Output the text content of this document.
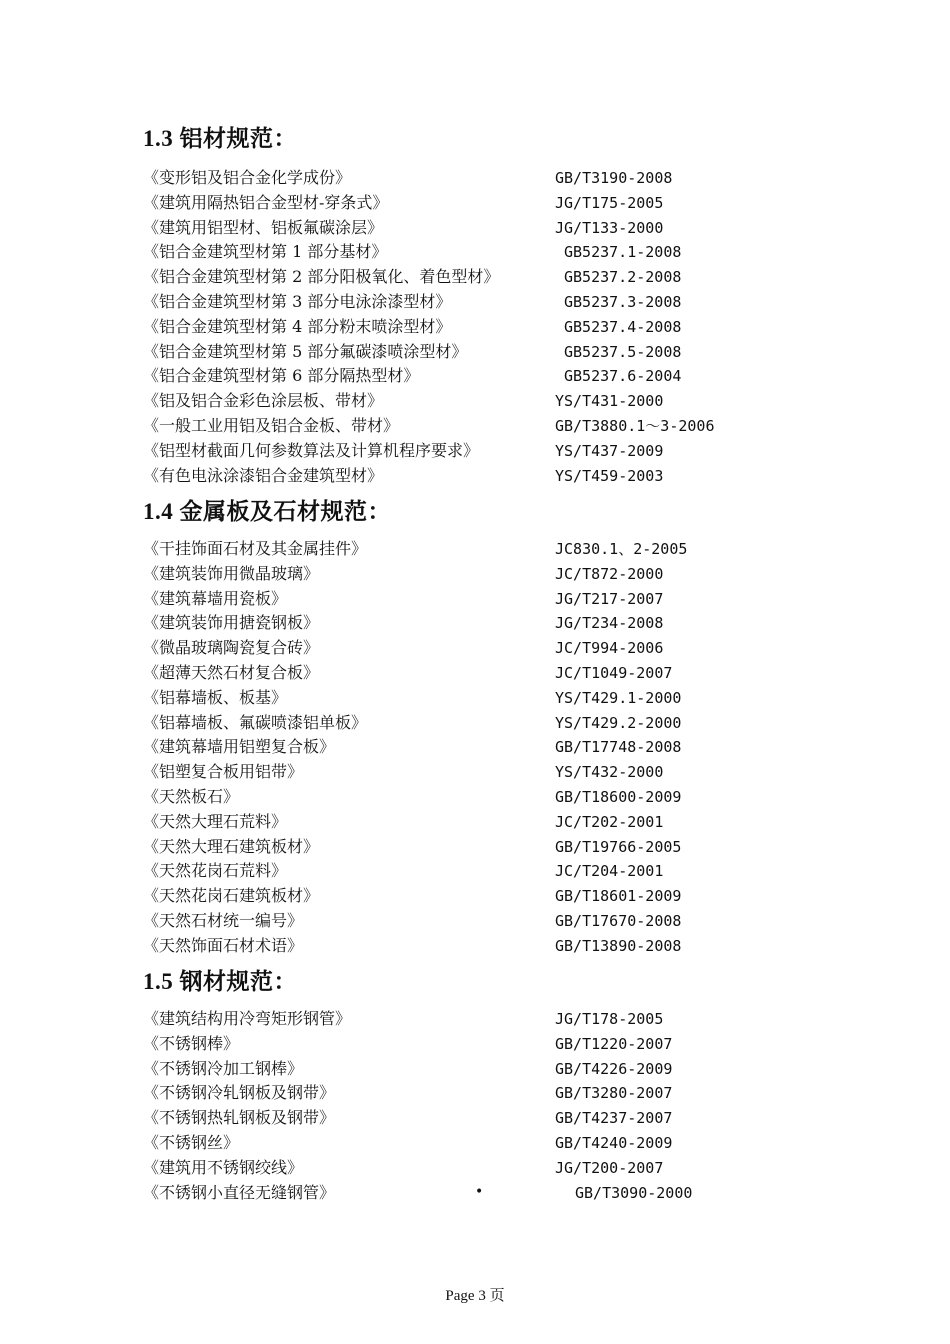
1.3 铝材规范：
《变形铝及铝合金化学成份》	GB/T3190-2008
《建筑用隔热铝合金型材-穿条式》	JG/T175-2005
《建筑用铝型材、铝板氟碳涂层》	JG/T133-2000
《铝合金建筑型材第 1 部分基材》	GB5237.1-2008
《铝合金建筑型材第 2 部分阳极氧化、着色型材》	GB5237.2-2008
《铝合金建筑型材第 3 部分电泳涂漆型材》	GB5237.3-2008
《铝合金建筑型材第 4 部分粉末喷涂型材》	GB5237.4-2008
《铝合金建筑型材第 5 部分氟碳漆喷涂型材》	GB5237.5-2008
《铝合金建筑型材第 6 部分隔热型材》	GB5237.6-2004
《铝及铝合金彩色涂层板、带材》	YS/T431-2000
《一般工业用铝及铝合金板、带材》	GB/T3880.1～3-2006
《铝型材截面几何参数算法及计算机程序要求》	YS/T437-2009
《有色电泳涂漆铝合金建筑型材》	YS/T459-2003
1.4 金属板及石材规范：
《干挂饰面石材及其金属挂件》	JC830.1、2-2005
《建筑装饰用微晶玻璃》	JC/T872-2000
《建筑幕墙用瓷板》	JG/T217-2007
《建筑装饰用搪瓷钢板》	JG/T234-2008
《微晶玻璃陶瓷复合砖》	JC/T994-2006
《超薄天然石材复合板》	JC/T1049-2007
《铝幕墙板、板基》	YS/T429.1-2000
《铝幕墙板、氟碳喷漆铝单板》	YS/T429.2-2000
《建筑幕墙用铝塑复合板》	GB/T17748-2008
《铝塑复合板用铝带》	YS/T432-2000
《天然板石》	GB/T18600-2009
《天然大理石荒料》	JC/T202-2001
《天然大理石建筑板材》	GB/T19766-2005
《天然花岗石荒料》	JC/T204-2001
《天然花岗石建筑板材》	GB/T18601-2009
《天然石材统一编号》	GB/T17670-2008
《天然饰面石材术语》	GB/T13890-2008
1.5 钢材规范：
《建筑结构用冷弯矩形钢管》	JG/T178-2005
《不锈钢棒》	GB/T1220-2007
《不锈钢冷加工钢棒》	GB/T4226-2009
《不锈钢冷轧钢板及钢带》	GB/T3280-2007
《不锈钢热轧钢板及钢带》	GB/T4237-2007
《不锈钢丝》	GB/T4240-2009
《建筑用不锈钢绞线》	JG/T200-2007
《不锈钢小直径无缝钢管》	GB/T3090-2000
•
Page 3 页
